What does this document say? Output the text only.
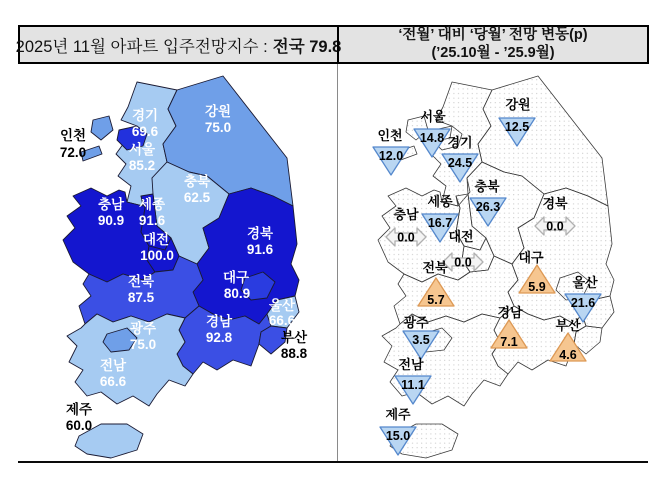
2025년 11월 아파트 입주전망지수 : 전국 79.8
‘전월’ 대비 ‘당월’ 전망 변동(p)
(’25.10월 - ’25.9월)
경기
69.6
강원
75.0
인천
72.0	서울
85.2
충북
62.5
충남
90.9
세종
91.6
대전
100.0
경북
91.6
대구
80.9
울산
66.6
전북
87.5
광주
75.0
전남
66.6
경남
92.8	부산
88.8
제주
60.0
인천
12.0
서울
14.8 경기
24.5
강원
12.5
충북
26.3
세종
16.7
충남
0.0	대전
0.0
경북
0.0
전북
5.7
대구
5.9 울산
21.6
부산
4.6
광주
3.5
경남
7.1
전남
11.1
제주
15.0
